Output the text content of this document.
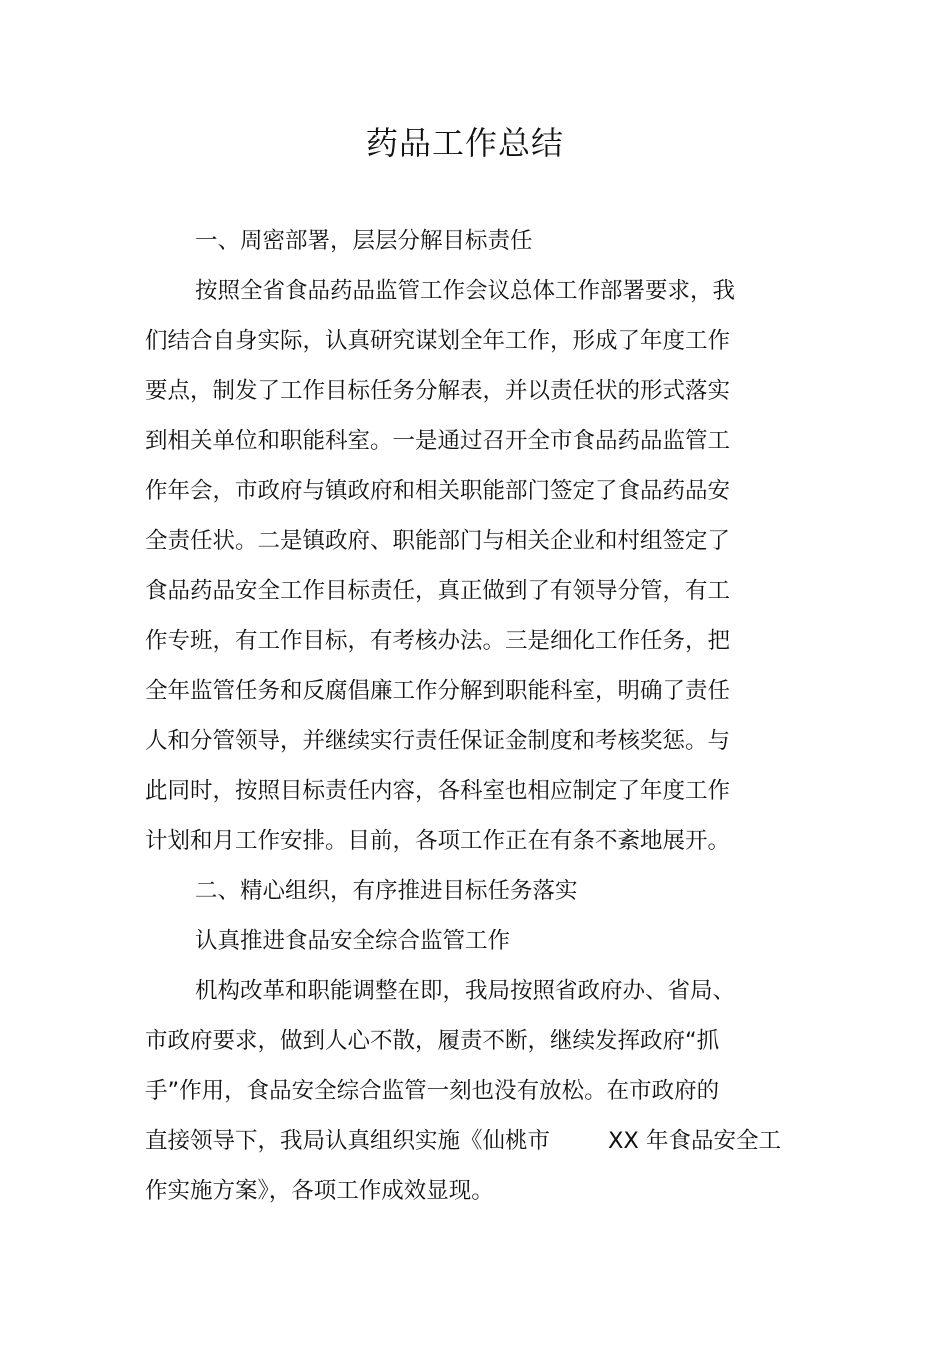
药品工作总结

一、周密部署，层层分解目标责任

按照全省食品药品监管工作会议总体工作部署要求，我

们结合自身实际，认真研究谋划全年工作，形成了年度工作

要点，制发了工作目标任务分解表，并以责任状的形式落实

到相关单位和职能科室。一是通过召开全市食品药品监管工

作年会，市政府与镇政府和相关职能部门签定了食品药品安

全责任状。二是镇政府、职能部门与相关企业和村组签定了

食品药品安全工作目标责任，真正做到了有领导分管，有工

作专班，有工作目标，有考核办法。三是细化工作任务，把

全年监管任务和反腐倡廉工作分解到职能科室，明确了责任

人和分管领导，并继续实行责任保证金制度和考核奖惩。与

此同时，按照目标责任内容，各科室也相应制定了年度工作

计划和月工作安排。目前，各项工作正在有条不紊地展开。

二、精心组织，有序推进目标任务落实

认真推进食品安全综合监管工作

机构改革和职能调整在即，我局按照省政府办、省局、

市政府要求，做到人心不散，履责不断，继续发挥政府“抓

手”作用，食品安全综合监管一刻也没有放松。在市政府的

直接领导下，我局认真组织实施《仙桃市	XX 年食品安全工

作实施方案》，各项工作成效显现。
